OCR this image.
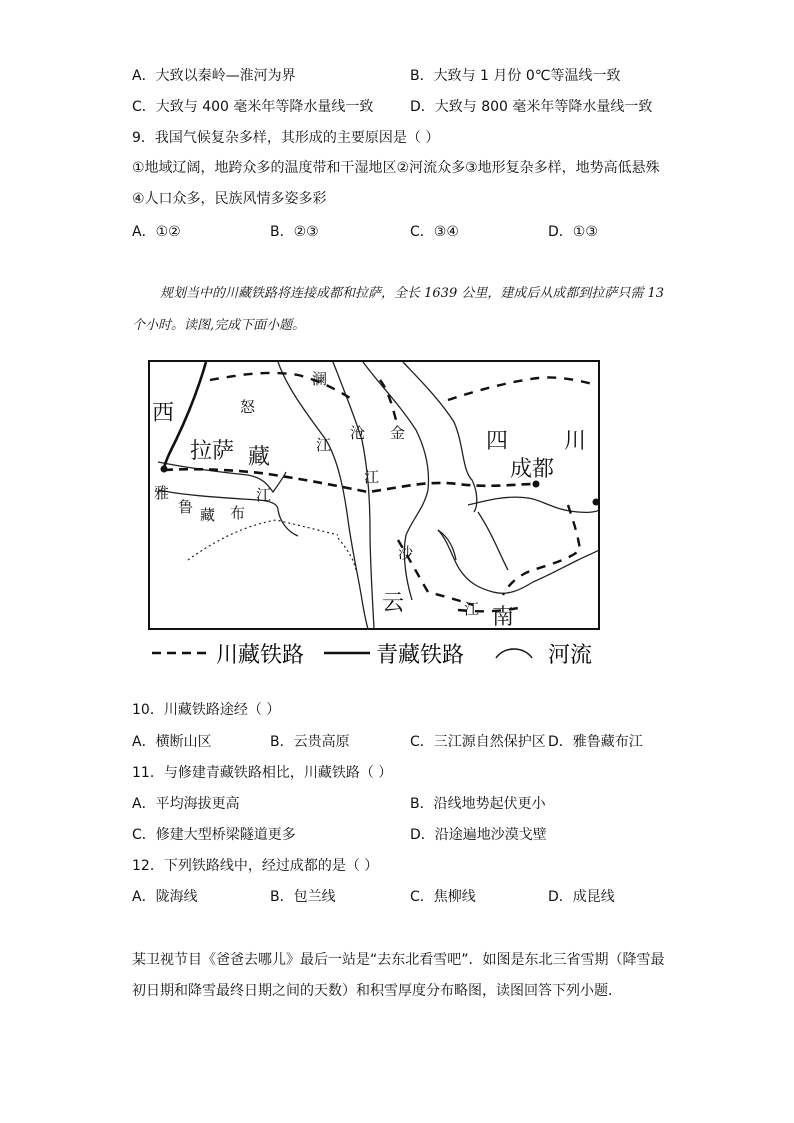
A．大致以秦岭—淮河为界	B．大致与 1 月份 0℃等温线一致
C．大致与 400 毫米年等降水量线一致	D．大致与 800 毫米年等降水量线一致
9．我国气候复杂多样，其形成的主要原因是（ ）
①地域辽阔，地跨众多的温度带和干湿地区②河流众多③地形复杂多样，地势高低悬殊④人口众多，民族风情多姿多彩
A．①②	B．②③	C．③④	D．①③
规划当中的川藏铁路将连接成都和拉萨，全长 1639 公里，建成后从成都到拉萨只需 13 个小时。读图,完成下面小题。
西	怒
澜
拉萨 藏	江
沧 金	四	川
成都
江
雅
鲁 藏 布
江
沙
云	江 南
川藏铁路	青藏铁路	河流
10．川藏铁路途经（ ）
A．横断山区	B．云贵高原	C．三江源自然保护区 D．雅鲁藏布江
11．与修建青藏铁路相比，川藏铁路（ ）
A．平均海拔更高	B．沿线地势起伏更小
C．修建大型桥梁隧道更多	D．沿途遍地沙漠戈壁
12．下列铁路线中，经过成都的是（ ）
A．陇海线	B．包兰线	C．焦柳线	D．成昆线
某卫视节目《爸爸去哪儿》最后一站是“去东北看雪吧”．如图是东北三省雪期（降雪最初日期和降雪最终日期之间的天数）和积雪厚度分布略图，读图回答下列小题．
